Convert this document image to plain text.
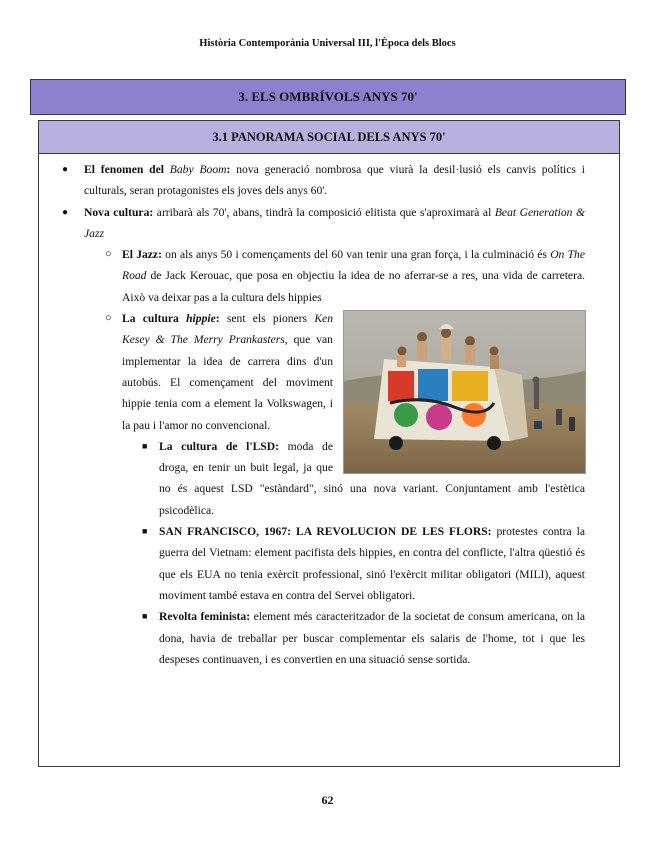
Història Contemporània Universal III, l'Època dels Blocs
3. ELS OMBRÍVOLS ANYS 70'
3.1 PANORAMA SOCIAL DELS ANYS 70'
● El fenomen del Baby Boom: nova generació nombrosa que viurà la desil·lusió els canvis polítics i culturals, seran protagonistes els joves dels anys 60'.

● Nova cultura: arribarà als 70', abans, tindrà la composició elitista que s'aproximarà al Beat Generation & Jazz

○ El Jazz: on als anys 50 i començaments del 60 van tenir una gran força, i la culminació és On The Road de Jack Kerouac, que posa en objectiu la idea de no aferrar-se a res, una vida de carretera. Això va deixar pas a la cultura dels hippies

○ La cultura hippie: sent els pioners Ken Kesey & The Merry Prankasters, que van implementar la idea de carrera dins d'un autobús. El començament del moviment hippie tenia com a element la Volkswagen, i la pau i l'amor no convencional.

■ La cultura de l'LSD: moda de droga, en tenir un buit legal, ja que no és aquest LSD "estàndard", sinó una nova variant. Conjuntament amb l'estètica psicodèlica.

■ SAN FRANCISCO, 1967: LA REVOLUCION DE LES FLORS: protestes contra la guerra del Vietnam: element pacifista dels hippies, en contra del conflicte, l'altra qüestió és que els EUA no tenia exèrcit professional, sinó l'exèrcit militar obligatori (MILI), aquest moviment també estava en contra del Servei obligatori.

■ Revolta feminista: element més caracteritzador de la societat de consum americana, on la dona, havia de treballar per buscar complementar els salaris de l'home, tot i que les despeses continuaven, i es convertien en una situació sense sortida.

62
